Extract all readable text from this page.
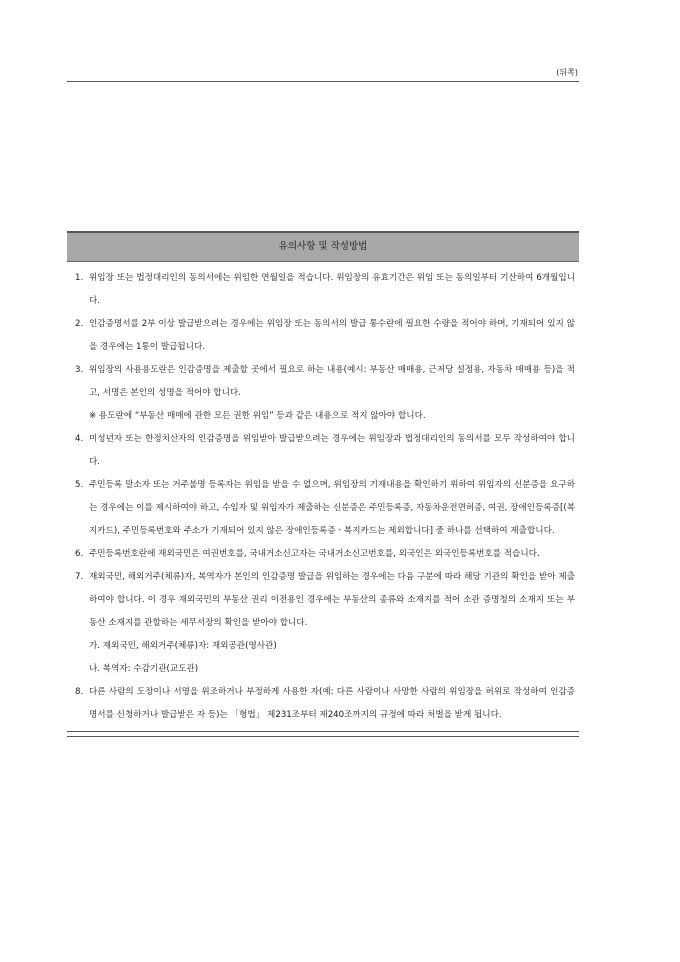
(뒤쪽)
유의사항 및 작성방법
1. 위임장 또는 법정대리인의 동의서에는 위임한 연월일을 적습니다. 위임장의 유효기간은 위임 또는 동의일부터 기산하여 6개월입니다.
2. 인감증명서를 2부 이상 발급받으려는 경우에는 위임장 또는 동의서의 발급 통수란에 필요한 수량을 적어야 하며, 기재되어 있지 않을 경우에는 1통이 발급됩니다.
3. 위임장의 사용용도란은 인감증명을 제출할 곳에서 필요로 하는 내용(예시: 부동산 매매용, 근저당 설정용, 자동차 매매용 등)을 적고, 서명은 본인의 성명을 적어야 합니다.
※ 용도란에 “부동산 매매에 관한 모든 권한 위임” 등과 같은 내용으로 적지 않아야 합니다.
4. 미성년자 또는 한정치산자의 인감증명을 위임받아 발급받으려는 경우에는 위임장과 법정대리인의 동의서를 모두 작성하여야 합니다.
5. 주민등록 말소자 또는 거주불명 등록자는 위임을 받을 수 없으며, 위임장의 기재내용을 확인하기 위하여 위임자의 신분증을 요구하는 경우에는 이를 제시하여야 하고, 수임자 및 위임자가 제출하는 신분증은 주민등록증, 자동차운전면허증, 여권, 장애인등록증[(복지카드), 주민등록번호와 주소가 기재되어 있지 않은 장애인등록증ㆍ복지카드는 제외합니다] 중 하나를 선택하여 제출합니다.
6. 주민등록번호란에 재외국민은 여권번호를, 국내거소신고자는 국내거소신고번호를, 외국인은 외국인등록번호를 적습니다.
7. 재외국민, 해외거주(체류)자, 복역자가 본인의 인감증명 발급을 위임하는 경우에는 다음 구분에 따라 해당 기관의 확인을 받아 제출하여야 합니다. 이 경우 재외국민의 부동산 권리 이전용인 경우에는 부동산의 종류와 소재지를 적어 소관 증명청의 소재지 또는 부동산 소재지를 관할하는 세무서장의 확인을 받아야 합니다.
가. 재외국민, 해외거주(체류)자: 재외공관(영사관)
나. 복역자: 수감기관(교도관)
8. 다른 사람의 도장이나 서명을 위조하거나 부정하게 사용한 자(예: 다른 사람이나 사망한 사람의 위임장을 허위로 작성하여 인감증명서를 신청하거나 발급받은 자 등)는 「형법」 제231조부터 제240조까지의 규정에 따라 처벌을 받게 됩니다.
